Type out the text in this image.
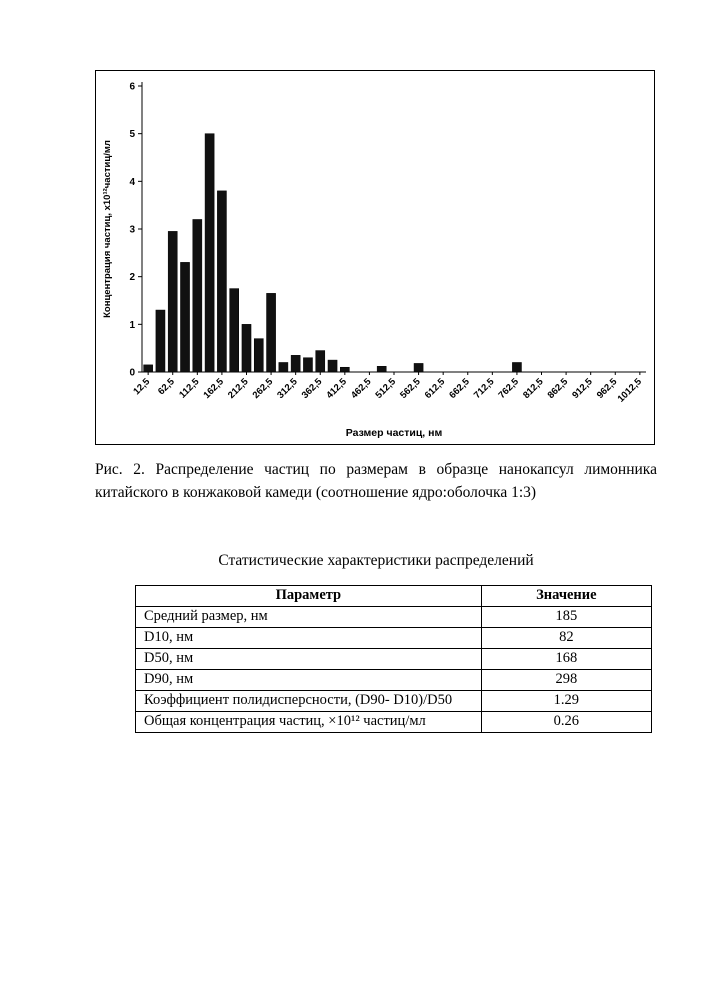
0
1
2
3
4
5
6
12,5 62,5 112,5 162,5 212,5 262,5 312,5 362,5 412,5 462,5 512,5 562,5 612,5 662,5 712,5 762,5 812,5 862,5 912,5 962,5
1012,5
Размер частиц, нм
Концентрация частиц, х10¹²частиц/мл
Рис. 2. Распределение частиц по размерам в образце нанокапсул лимонника китайского в конжаковой камеди (соотношение ядро:оболочка 1:3)
Статистические характеристики распределений
Параметр	Значение
Средний размер, нм	185
D10, нм	82
D50, нм	168
D90, нм	298
Коэффициент полидисперсности, (D90- D10)/D50	1.29
Общая концентрация частиц, ×10¹² частиц/мл	0.26
